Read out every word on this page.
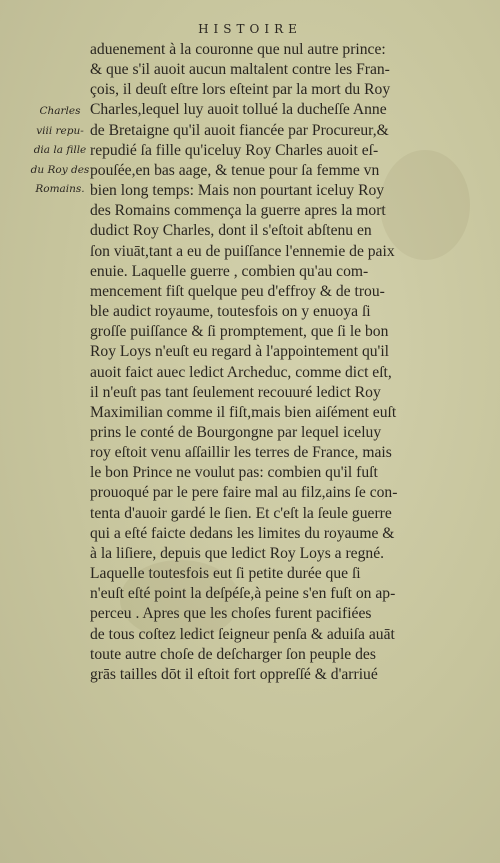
HISTOIRE
Charles
viii repu-
dia la fille
du Roy des
Romains.
aduenement à la couronne que nul autre prince:
& que s'il auoit aucun maltalent contre les Fran-
çois, il deuſt eſtre lors eſteint par la mort du Roy
Charles,lequel luy auoit tollué la ducheſſe Anne
de Bretaigne qu'il auoit fiancée par Procureur,&
repudié ſa fille qu'iceluy Roy Charles auoit eſ-
pouſée,en bas aage, & tenue pour ſa femme vn
bien long temps: Mais non pourtant iceluy Roy
des Romains commença la guerre apres la mort
dudict Roy Charles, dont il s'eſtoit abſtenu en
ſon viuāt,tant a eu de puiſſance l'ennemie de paix
enuie. Laquelle guerre , combien qu'au com-
mencement fiſt quelque peu d'effroy & de trou-
ble audict royaume, toutesfois on y enuoya ſi
groſſe puiſſance & ſi promptement, que ſi le bon
Roy Loys n'euſt eu regard à l'appointement qu'il
auoit faict auec ledict Archeduc, comme dict eſt,
il n'euſt pas tant ſeulement recouuré ledict Roy
Maximilian comme il fiſt,mais bien aiſément euſt
prins le conté de Bourgongne par lequel iceluy
roy eſtoit venu aſſaillir les terres de France, mais
le bon Prince ne voulut pas: combien qu'il fuſt
prouoqué par le pere faire mal au filz,ains ſe con-
tenta d'auoir gardé le ſien. Et c'eſt la ſeule guerre
qui a eſté faicte dedans les limites du royaume &
à la liſiere, depuis que ledict Roy Loys a regné.
Laquelle toutesfois eut ſi petite durée que ſi
n'euſt eſté point la deſpéſe,à peine s'en fuſt on ap-
perceu . Apres que les choſes furent pacifiées
de tous coſtez ledict ſeigneur penſa & aduiſa auāt
toute autre choſe de deſcharger ſon peuple des
grās tailles dōt il eſtoit fort oppreſſé & d'arriué
